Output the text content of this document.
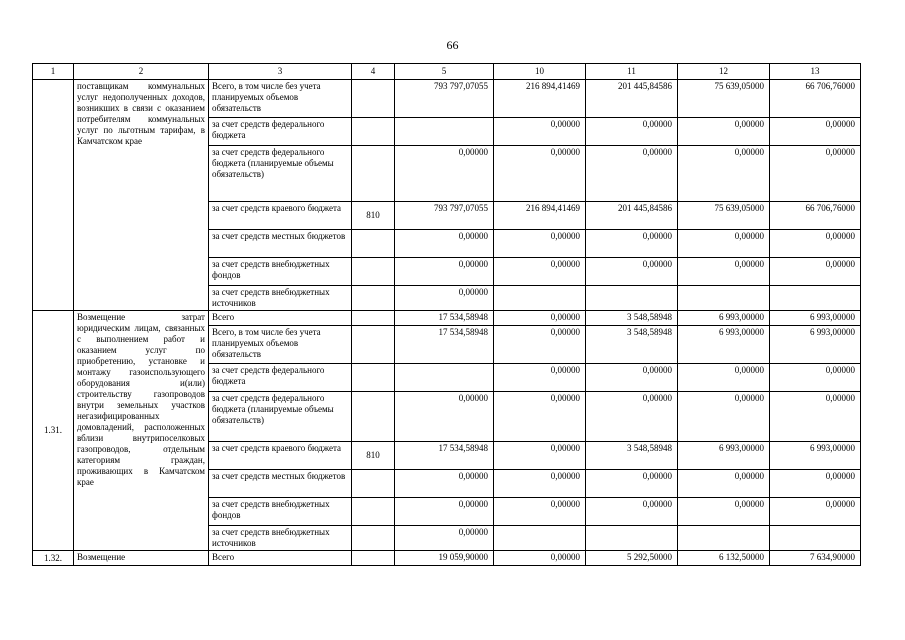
66
1	2	3	4	5	10	11	12	13
	поставщикам коммунальных услуг недополученных доходов, возникших в связи с оказанием потребителям коммунальных услуг по льготным тарифам, в Камчатском крае	Всего, в том числе без учета планируемых объемов обязательств		793 797,07055	216 894,41469	201 445,84586	75 639,05000	66 706,76000
		за счет средств федерального бюджета			0,00000	0,00000	0,00000	0,00000
		за счет средств федерального бюджета (планируемые объемы обязательств)		0,00000	0,00000	0,00000	0,00000	0,00000
		за счет средств краевого бюджета	810	793 797,07055	216 894,41469	201 445,84586	75 639,05000	66 706,76000
		за счет средств местных бюджетов		0,00000	0,00000	0,00000	0,00000	0,00000
		за счет средств внебюджетных фондов		0,00000	0,00000	0,00000	0,00000	0,00000
		за счет средств внебюджетных источников		0,00000				
1.31.	Возмещение затрат юридическим лицам, связанных с выполнением работ и оказанием услуг по приобретению, установке и монтажу газоиспользующего оборудования и(или) строительству газопроводов внутри земельных участков негазифицированных домовладений, расположенных вблизи внутрипоселковых газопроводов, отдельным категориям граждан, проживающих в Камчатском крае	Всего		17 534,58948	0,00000	3 548,58948	6 993,00000	6 993,00000
		Всего, в том числе без учета планируемых объемов обязательств		17 534,58948	0,00000	3 548,58948	6 993,00000	6 993,00000
		за счет средств федерального бюджета			0,00000	0,00000	0,00000	0,00000
		за счет средств федерального бюджета (планируемые объемы обязательств)		0,00000	0,00000	0,00000	0,00000	0,00000
		за счет средств краевого бюджета	810	17 534,58948	0,00000	3 548,58948	6 993,00000	6 993,00000
		за счет средств местных бюджетов		0,00000	0,00000	0,00000	0,00000	0,00000
		за счет средств внебюджетных фондов		0,00000	0,00000	0,00000	0,00000	0,00000
		за счет средств внебюджетных источников		0,00000				
1.32.	Возмещение	Всего		19 059,90000	0,00000	5 292,50000	6 132,50000	7 634,90000
